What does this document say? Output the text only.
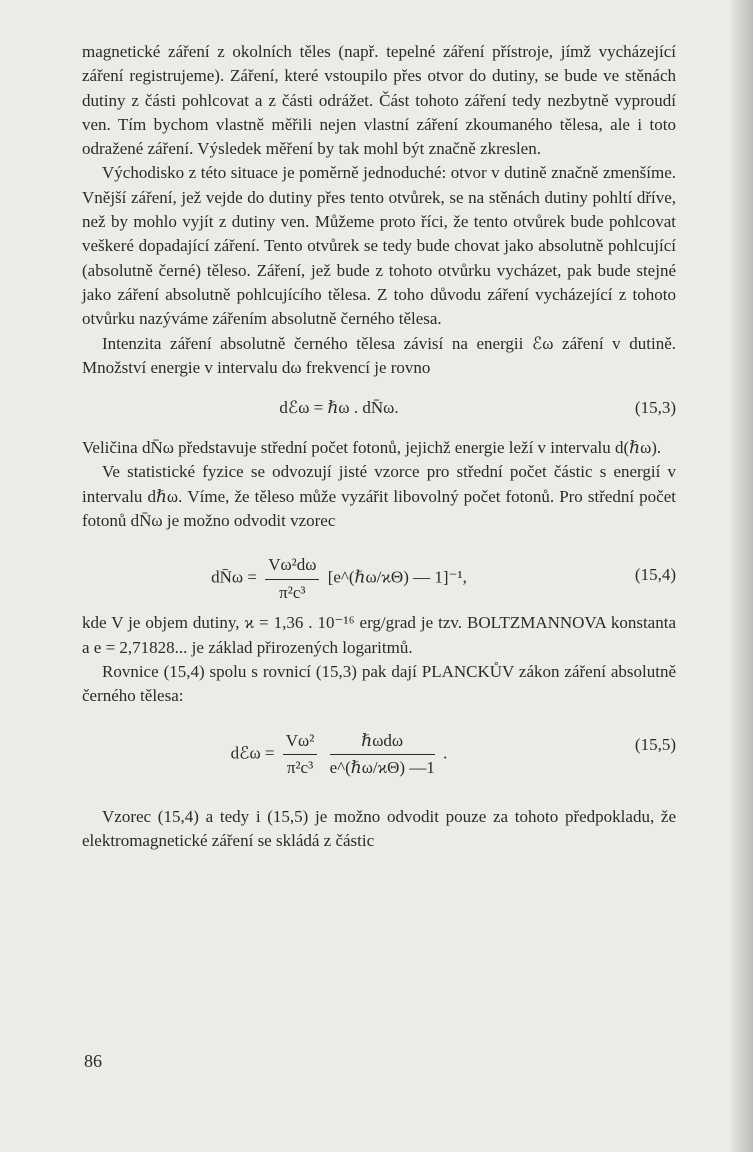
magnetické záření z okolních těles (např. tepelné záření přístroje, jímž vycházející záření registrujeme). Záření, které vstoupilo přes otvor do dutiny, se bude ve stěnách dutiny z části pohlcovat a z části odrážet. Část tohoto záření tedy nezbytně vyproudí ven. Tím bychom vlastně měřili nejen vlastní záření zkoumaného tělesa, ale i toto odražené záření. Výsledek měření by tak mohl být značně zkreslen.

Východisko z této situace je poměrně jednoduché: otvor v dutině značně zmenšíme. Vnější záření, jež vejde do dutiny přes tento otvůrek, se na stěnách dutiny pohltí dříve, než by mohlo vyjít z dutiny ven. Můžeme proto říci, že tento otvůrek bude pohlcovat veškeré dopadající záření. Tento otvůrek se tedy bude chovat jako absolutně pohlcující (absolutně černé) těleso. Záření, jež bude z tohoto otvůrku vycházet, pak bude stejné jako záření absolutně pohlcujícího tělesa. Z toho důvodu záření vycházející z tohoto otvůrku nazýváme zářením absolutně černého tělesa.

Intenzita záření absolutně černého tělesa závisí na energii ℰω záření v dutině. Množství energie v intervalu dω frekvencí je rovno

dℰω = ℏω . dN̄ω.	(15,3)

Veličina dN̄ω představuje střední počet fotonů, jejichž energie leží v intervalu d(ℏω).

Ve statistické fyzice se odvozují jisté vzorce pro střední počet částic s energií v intervalu dℏω. Víme, že těleso může vyzářit libovolný počet fotonů. Pro střední počet fotonů dN̄ω je možno odvodit vzorec

dN̄ω = $\frac{\text{Vω²dω}}{\text{π²c³}}$ [e^(ℏω/ϰΘ) — 1]⁻¹,	(15,4)

kde V je objem dutiny, ϰ = 1,36 . 10⁻¹⁶ erg/grad je tzv. BOLTZMANNOVA konstanta a e = 2,71828... je základ přirozených logaritmů.

Rovnice (15,4) spolu s rovnicí (15,3) pak dají PLANCKŮV zákon záření absolutně černého tělesa:

dℰω = $\frac{\text{Vω²}}{\text{π²c³}}$
$\frac{\text{ℏωdω}}{\text{e\textasciicircum{}(ℏω/ϰΘ) —1}}$ .	(15,5)

Vzorec (15,4) a tedy i (15,5) je možno odvodit pouze za tohoto předpokladu, že elektromagnetické záření se skládá z částic

86
